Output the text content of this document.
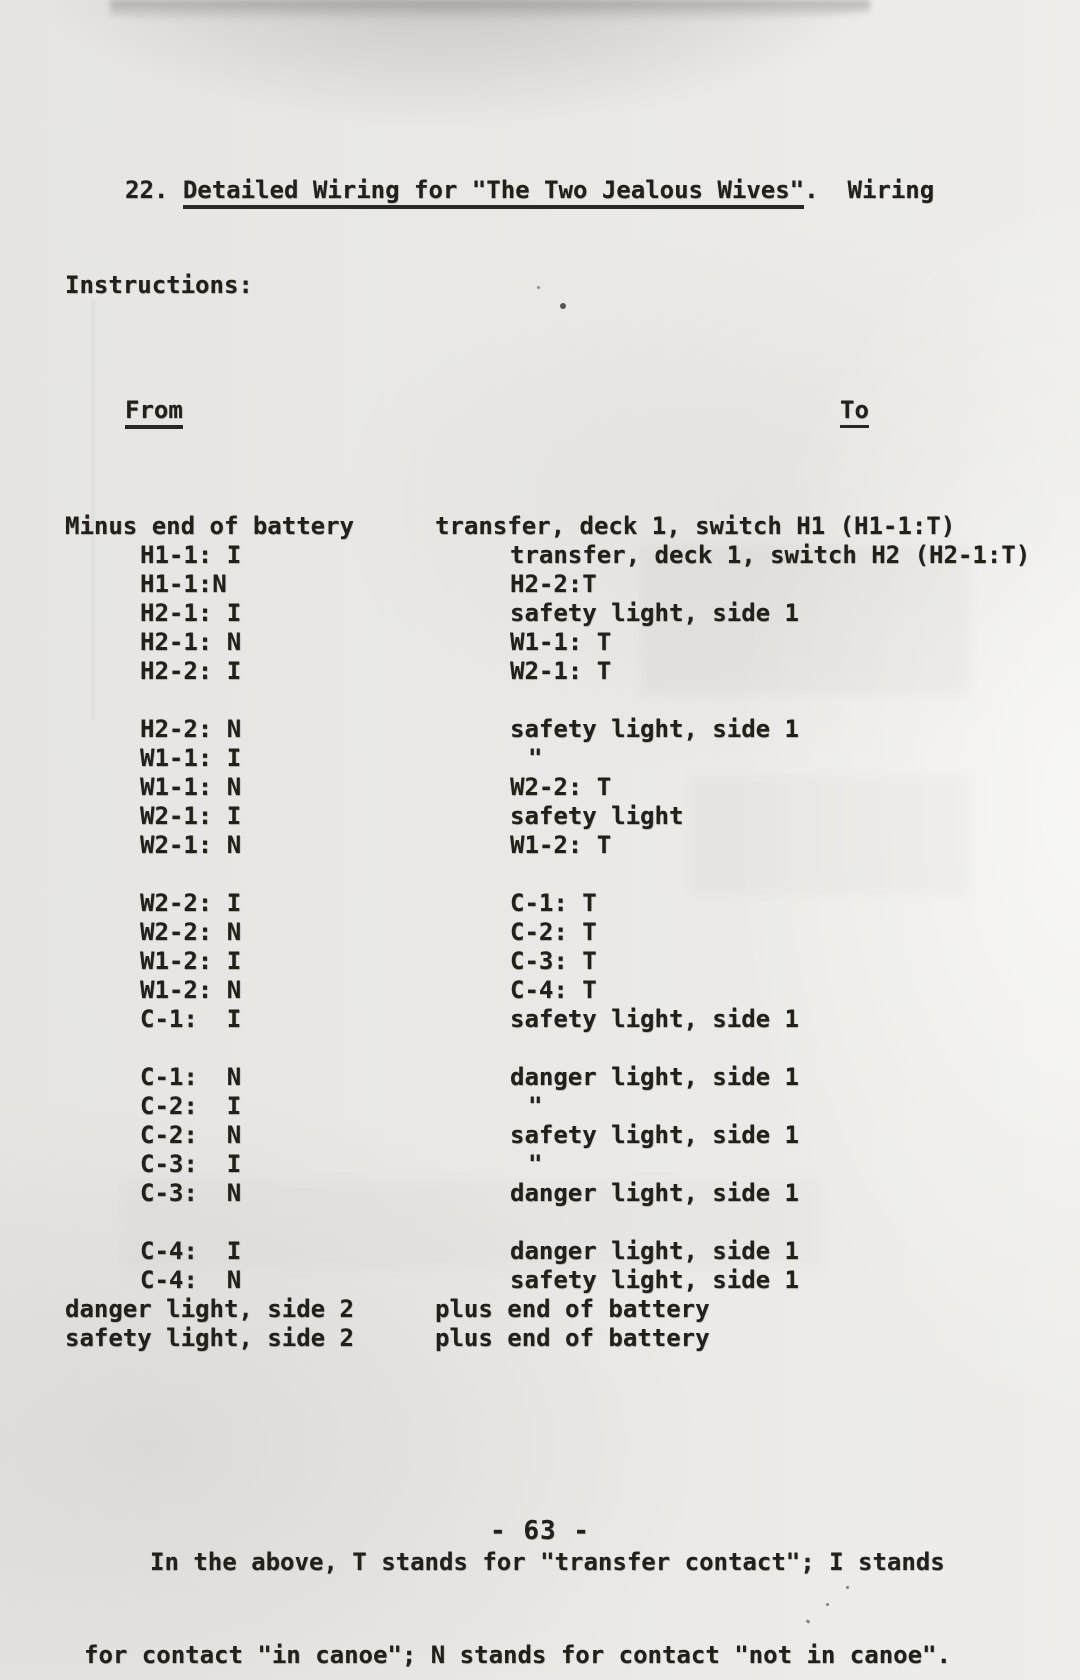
22. Detailed Wiring for "The Two Jealous Wives".  Wiring

Instructions:

From	To

Minus end of battery	transfer, deck 1, switch H1 (H1-1:T)
H1-1: I	transfer, deck 1, switch H2 (H2-1:T)
H1-1:N	H2-2:T
H2-1: I	safety light, side 1
H2-1: N	W1-1: T
H2-2: I	W2-1: T
H2-2: N	safety light, side 1
W1-1: I	"
W1-1: N	W2-2: T
W2-1: I	safety light
W2-1: N	W1-2: T
W2-2: I	C-1: T
W2-2: N	C-2: T
W1-2: I	C-3: T
W1-2: N	C-4: T
C-1:  I	safety light, side 1
C-1:  N	danger light, side 1
C-2:  I	"
C-2:  N	safety light, side 1
C-3:  I	"
C-3:  N	danger light, side 1
C-4:  I	danger light, side 1
C-4:  N	safety light, side 1
danger light, side 2	plus end of battery
safety light, side 2	plus end of battery

In the above, T stands for "transfer contact"; I stands

for contact "in canoe"; N stands for contact "not in canoe".

- 63 -
